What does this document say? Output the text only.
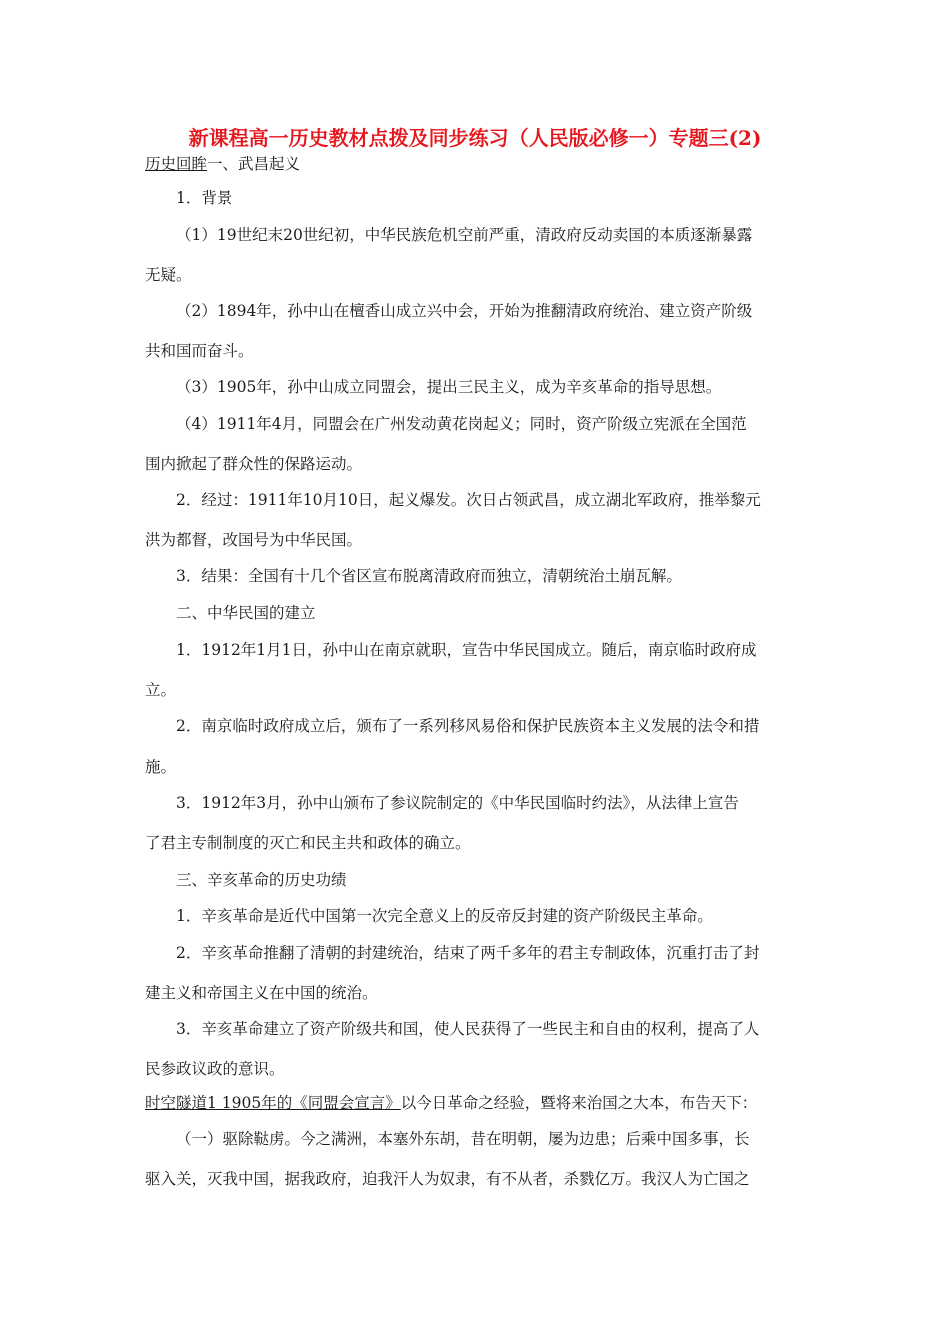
新课程高一历史教材点拨及同步练习（人民版必修一）专题三(2)
历史回眸一、武昌起义
1．背景
（1）19世纪末20世纪初，中华民族危机空前严重，清政府反动卖国的本质逐渐暴露
无疑。
（2）1894年，孙中山在檀香山成立兴中会，开始为推翻清政府统治、建立资产阶级
共和国而奋斗。
（3）1905年，孙中山成立同盟会，提出三民主义，成为辛亥革命的指导思想。
（4）1911年4月，同盟会在广州发动黄花岗起义；同时，资产阶级立宪派在全国范
围内掀起了群众性的保路运动。
2．经过：1911年10月10日，起义爆发。次日占领武昌，成立湖北军政府，推举黎元
洪为都督，改国号为中华民国。
3．结果：全国有十几个省区宣布脱离清政府而独立，清朝统治土崩瓦解。
二、中华民国的建立
1．1912年1月1日，孙中山在南京就职，宣告中华民国成立。随后，南京临时政府成
立。
2．南京临时政府成立后，颁布了一系列移风易俗和保护民族资本主义发展的法令和措
施。
3．1912年3月，孙中山颁布了参议院制定的《中华民国临时约法》，从法律上宣告
了君主专制制度的灭亡和民主共和政体的确立。
三、辛亥革命的历史功绩
1．辛亥革命是近代中国第一次完全意义上的反帝反封建的资产阶级民主革命。
2．辛亥革命推翻了清朝的封建统治，结束了两千多年的君主专制政体，沉重打击了封
建主义和帝国主义在中国的统治。
3．辛亥革命建立了资产阶级共和国，使人民获得了一些民主和自由的权利，提高了人
民参政议政的意识。
时空隧道1 1905年的《同盟会宣言》以今日革命之经验，暨将来治国之大本，布告天下：
（一）驱除鞑虏。今之满洲，本塞外东胡，昔在明朝，屡为边患；后乘中国多事，长
驱入关，灭我中国，据我政府，迫我汗人为奴隶，有不从者，杀戮亿万。我汉人为亡国之
